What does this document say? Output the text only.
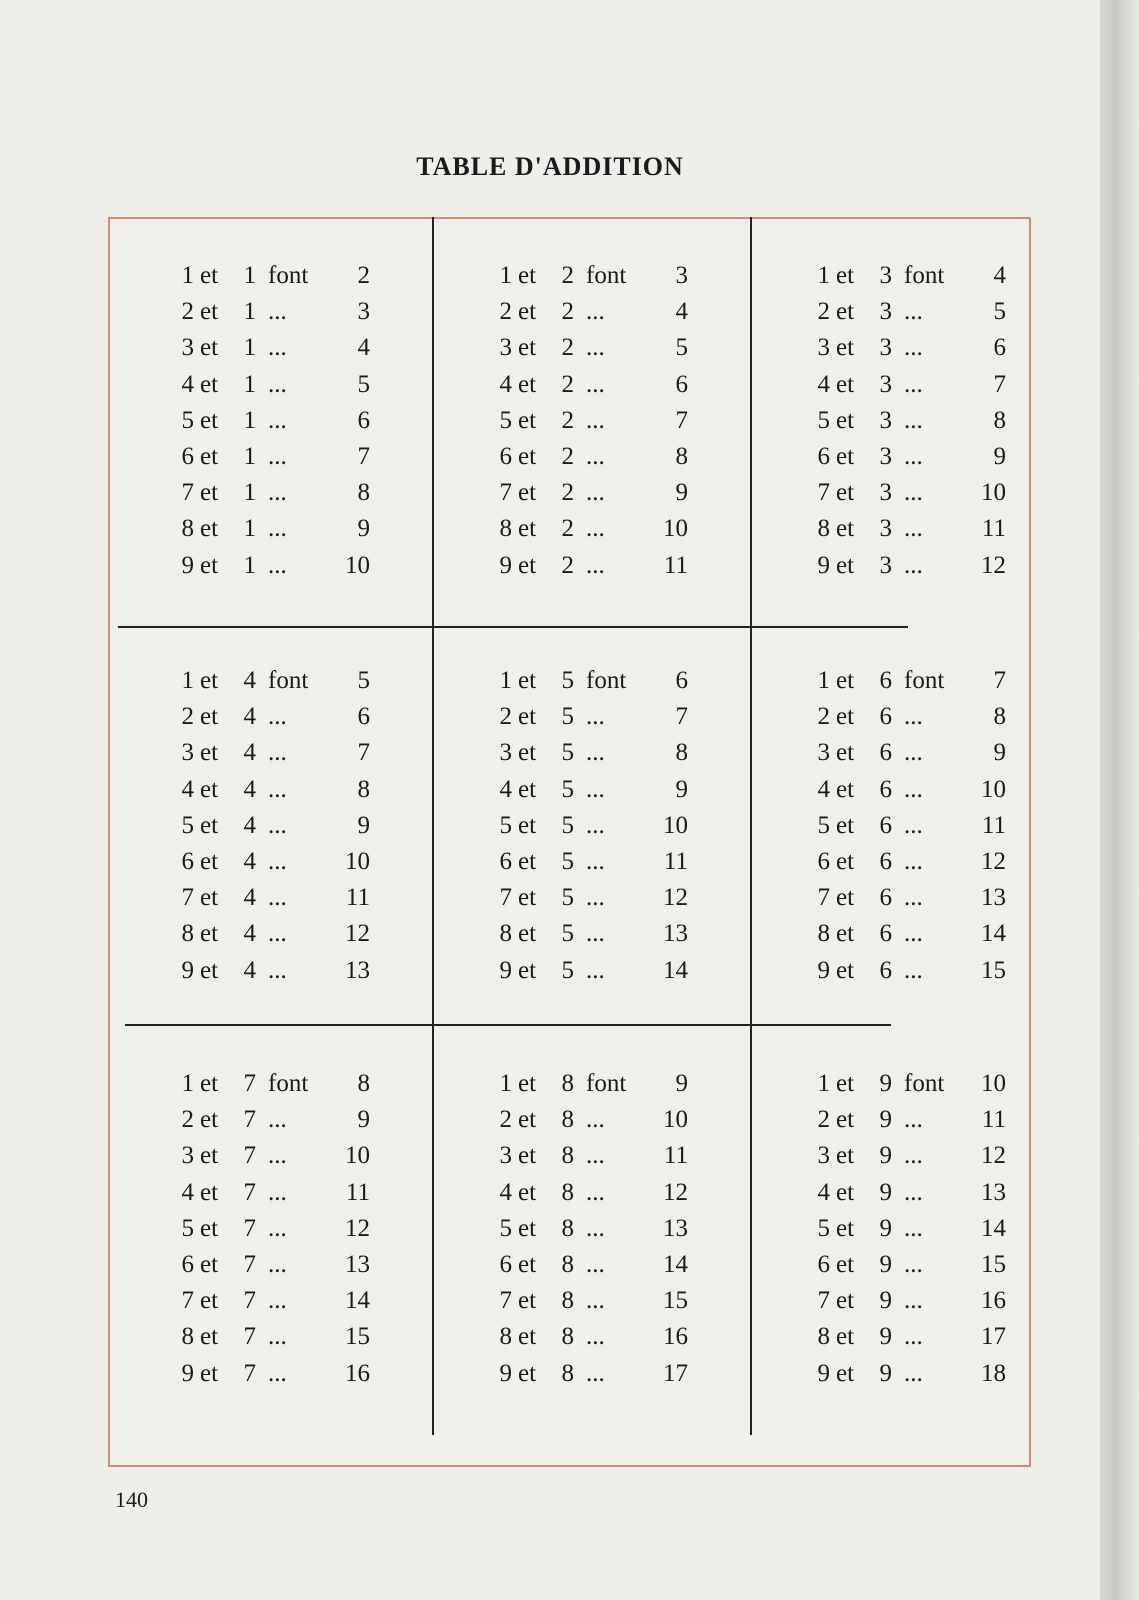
TABLE D'ADDITION
1 et	1 font	2
2 et	1 ...	3
3 et	1 ...	4
4 et	1 ...	5
5 et	1 ...	6
6 et	1 ...	7
7 et	1 ...	8
8 et	1 ...	9
9 et	1 ...	10
1 et	2 font	3
2 et	2 ...	4
3 et	2 ...	5
4 et	2 ...	6
5 et	2 ...	7
6 et	2 ...	8
7 et	2 ...	9
8 et	2 ...	10
9 et	2 ...	11
1 et	3 font	4
2 et	3 ...	5
3 et	3 ...	6
4 et	3 ...	7
5 et	3 ...	8
6 et	3 ...	9
7 et	3 ...	10
8 et	3 ...	11
9 et	3 ...	12
1 et	4 font	5
2 et	4 ...	6
3 et	4 ...	7
4 et	4 ...	8
5 et	4 ...	9
6 et	4 ...	10
7 et	4 ...	11
8 et	4 ...	12
9 et	4 ...	13
1 et	5 font	6
2 et	5 ...	7
3 et	5 ...	8
4 et	5 ...	9
5 et	5 ...	10
6 et	5 ...	11
7 et	5 ...	12
8 et	5 ...	13
9 et	5 ...	14
1 et	6 font	7
2 et	6 ...	8
3 et	6 ...	9
4 et	6 ...	10
5 et	6 ...	11
6 et	6 ...	12
7 et	6 ...	13
8 et	6 ...	14
9 et	6 ...	15
1 et	7 font	8
2 et	7 ...	9
3 et	7 ...	10
4 et	7 ...	11
5 et	7 ...	12
6 et	7 ...	13
7 et	7 ...	14
8 et	7 ...	15
9 et	7 ...	16
1 et	8 font	9
2 et	8 ...	10
3 et	8 ...	11
4 et	8 ...	12
5 et	8 ...	13
6 et	8 ...	14
7 et	8 ...	15
8 et	8 ...	16
9 et	8 ...	17
1 et	9 font	10
2 et	9 ...	11
3 et	9 ...	12
4 et	9 ...	13
5 et	9 ...	14
6 et	9 ...	15
7 et	9 ...	16
8 et	9 ...	17
9 et	9 ...	18
140
